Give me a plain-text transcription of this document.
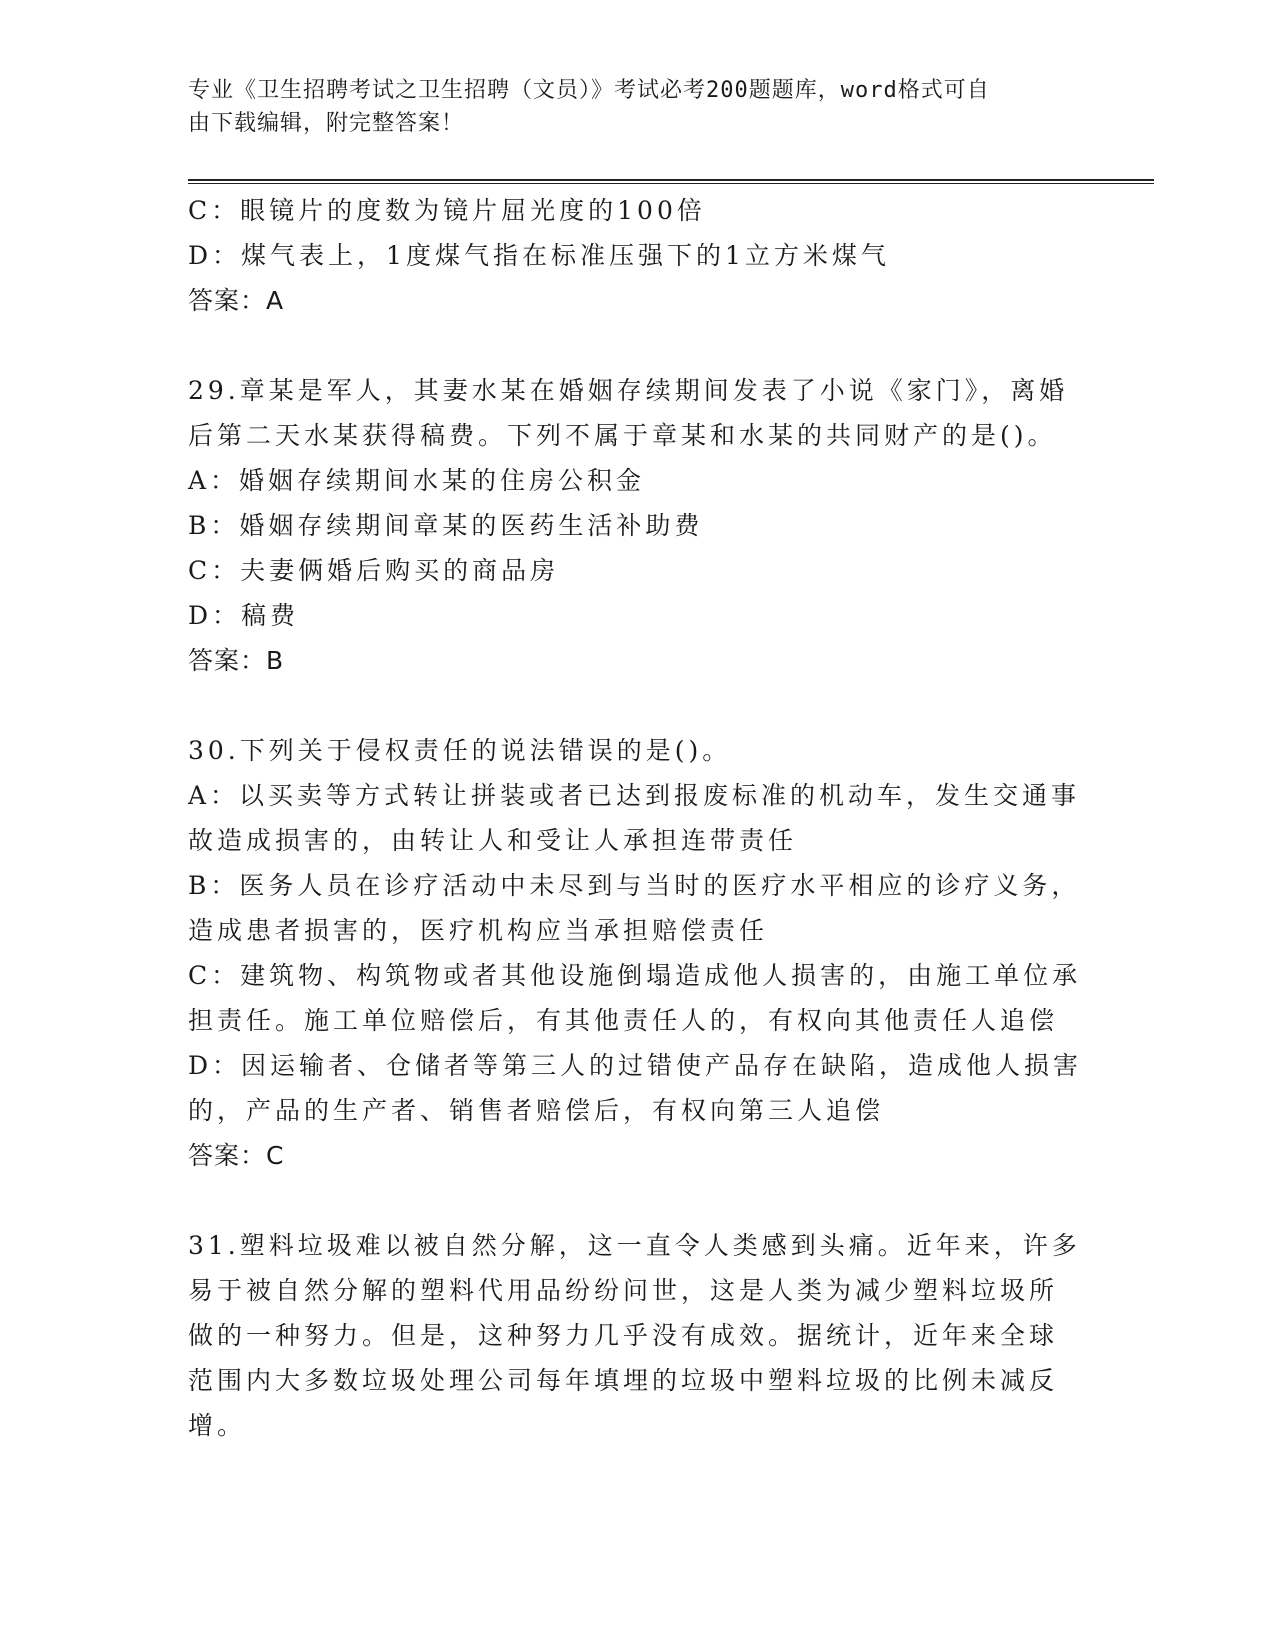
专业《卫生招聘考试之卫生招聘（文员）》考试必考200题题库，word格式可自
由下载编辑，附完整答案！
C：眼镜片的度数为镜片屈光度的100倍
D：煤气表上，1度煤气指在标准压强下的1立方米煤气
答案：A
29.章某是军人，其妻水某在婚姻存续期间发表了小说《家门》，离婚
后第二天水某获得稿费。下列不属于章某和水某的共同财产的是()。
A：婚姻存续期间水某的住房公积金
B：婚姻存续期间章某的医药生活补助费
C：夫妻俩婚后购买的商品房
D：稿费
答案：B
30.下列关于侵权责任的说法错误的是()。
A：以买卖等方式转让拼装或者已达到报废标准的机动车，发生交通事
故造成损害的，由转让人和受让人承担连带责任
B：医务人员在诊疗活动中未尽到与当时的医疗水平相应的诊疗义务，
造成患者损害的，医疗机构应当承担赔偿责任
C：建筑物、构筑物或者其他设施倒塌造成他人损害的，由施工单位承
担责任。施工单位赔偿后，有其他责任人的，有权向其他责任人追偿
D：因运输者、仓储者等第三人的过错使产品存在缺陷，造成他人损害
的，产品的生产者、销售者赔偿后，有权向第三人追偿
答案：C
31.塑料垃圾难以被自然分解，这一直令人类感到头痛。近年来，许多
易于被自然分解的塑料代用品纷纷问世，这是人类为减少塑料垃圾所
做的一种努力。但是，这种努力几乎没有成效。据统计，近年来全球
范围内大多数垃圾处理公司每年填埋的垃圾中塑料垃圾的比例未减反
增。
